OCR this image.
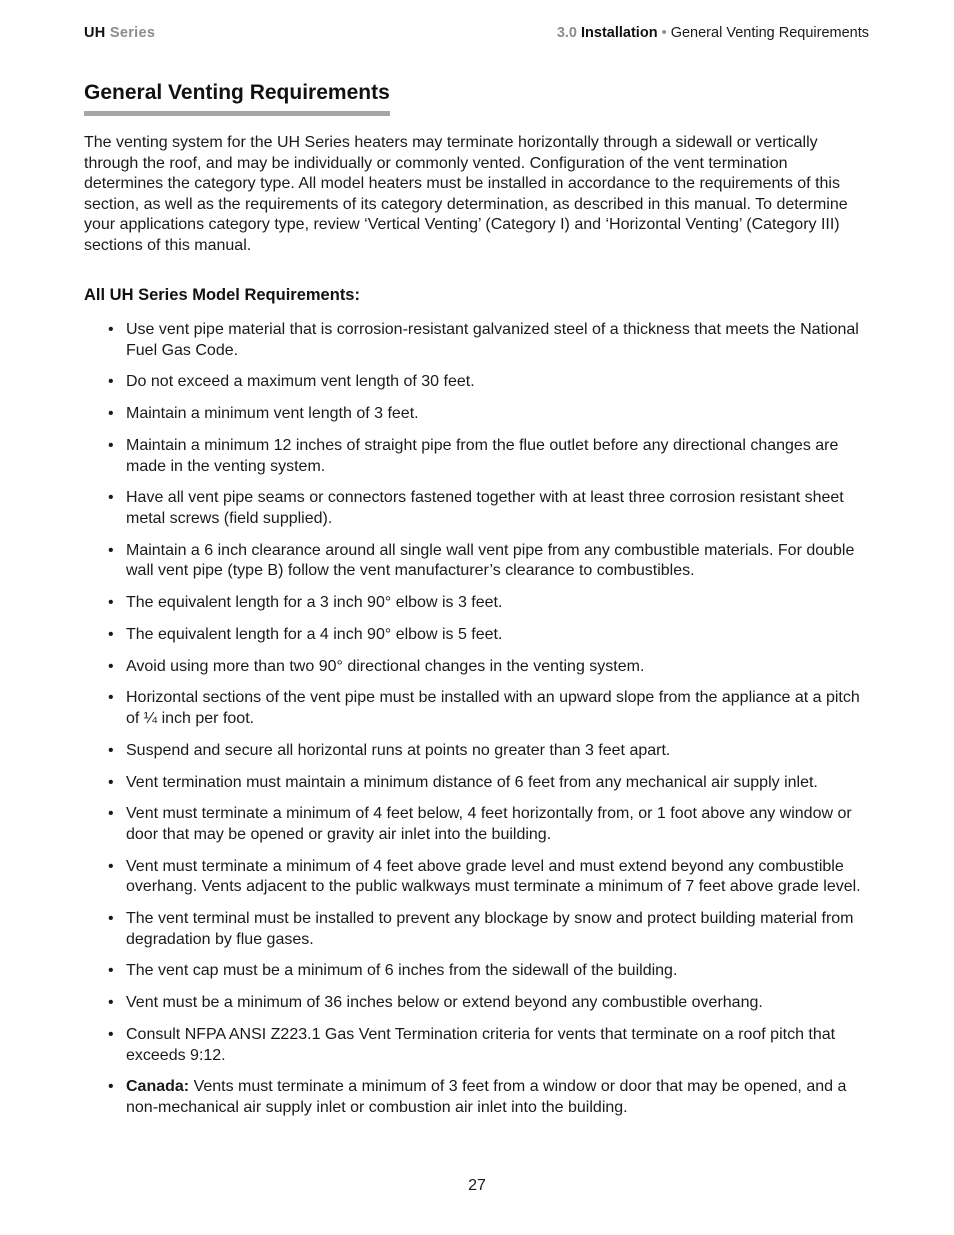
UH Series	3.0 Installation • General Venting Requirements
General Venting Requirements

The venting system for the UH Series heaters may terminate horizontally through a sidewall or vertically through the roof, and may be individually or commonly vented. Configuration of the vent termination determines the category type. All model heaters must be installed in accordance to the requirements of this section, as well as the requirements of its category determination, as described in this manual. To determine your applications category type, review ‘Vertical Venting’ (Category I) and ‘Horizontal Venting’ (Category III) sections of this manual.

All UH Series Model Requirements:
• Use vent pipe material that is corrosion-resistant galvanized steel of a thickness that meets the National Fuel Gas Code.
• Do not exceed a maximum vent length of 30 feet.
• Maintain a minimum vent length of 3 feet.
• Maintain a minimum 12 inches of straight pipe from the flue outlet before any directional changes are made in the venting system.
• Have all vent pipe seams or connectors fastened together with at least three corrosion resistant sheet metal screws (field supplied).
• Maintain a 6 inch clearance around all single wall vent pipe from any combustible materials. For double wall vent pipe (type B) follow the vent manufacturer’s clearance to combustibles.
• The equivalent length for a 3 inch 90° elbow is 3 feet.
• The equivalent length for a 4 inch 90° elbow is 5 feet.
• Avoid using more than two 90° directional changes in the venting system.
• Horizontal sections of the vent pipe must be installed with an upward slope from the appliance at a pitch of ¼ inch per foot.
• Suspend and secure all horizontal runs at points no greater than 3 feet apart.
• Vent termination must maintain a minimum distance of 6 feet from any mechanical air supply inlet.
• Vent must terminate a minimum of 4 feet below, 4 feet horizontally from, or 1 foot above any window or door that may be opened or gravity air inlet into the building.
• Vent must terminate a minimum of 4 feet above grade level and must extend beyond any combustible overhang. Vents adjacent to the public walkways must terminate a minimum of 7 feet above grade level.
• The vent terminal must be installed to prevent any blockage by snow and protect building material from degradation by flue gases.
• The vent cap must be a minimum of 6 inches from the sidewall of the building.
• Vent must be a minimum of 36 inches below or extend beyond any combustible overhang.
• Consult NFPA ANSI Z223.1 Gas Vent Termination criteria for vents that terminate on a roof pitch that exceeds 9:12.
• Canada: Vents must terminate a minimum of 3 feet from a window or door that may be opened, and a non-mechanical air supply inlet or combustion air inlet into the building.
27
